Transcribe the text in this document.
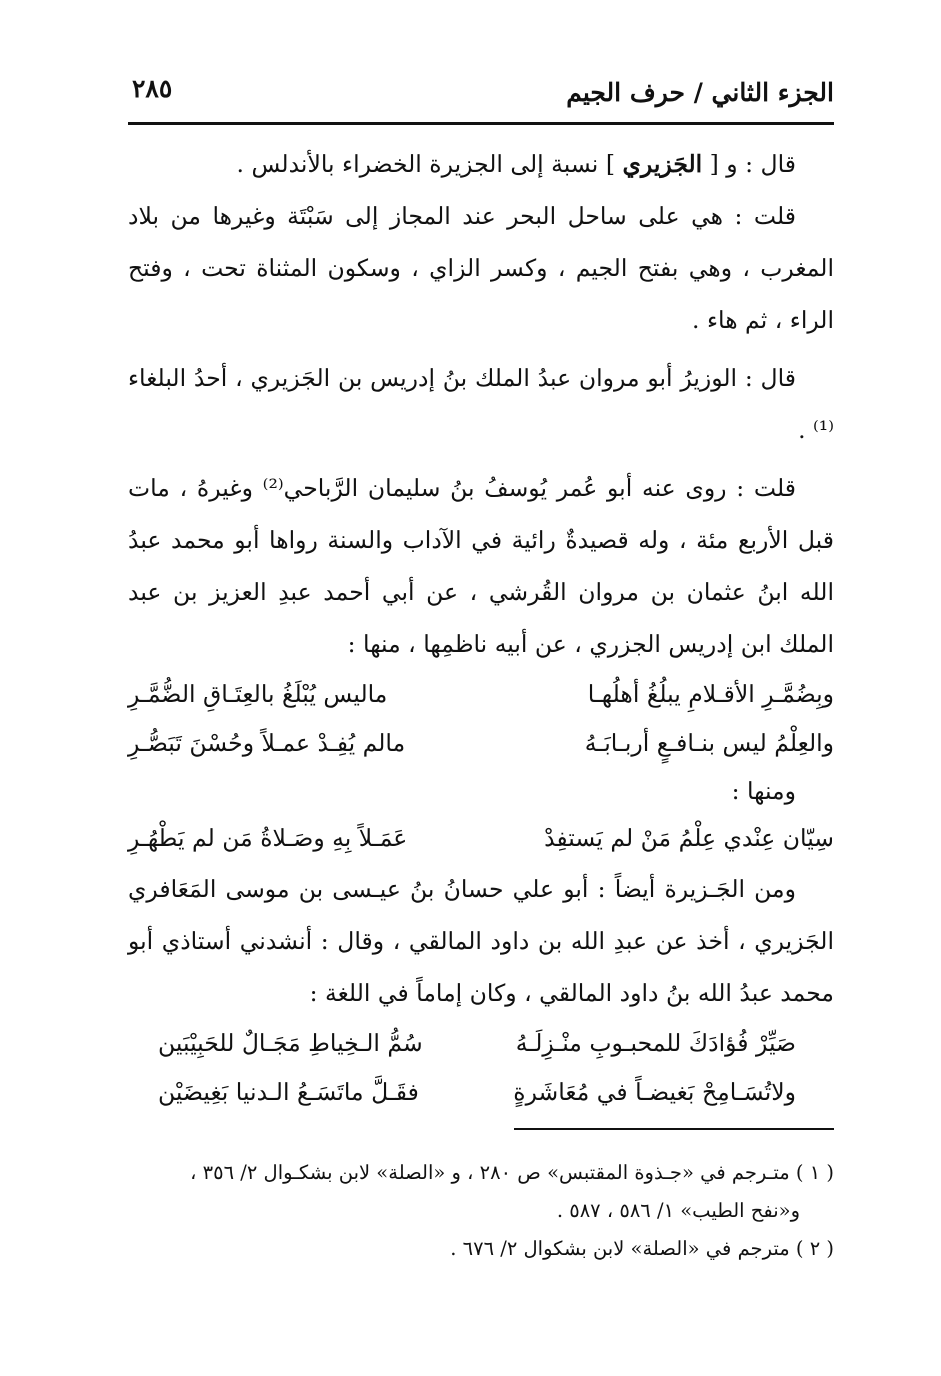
الجزء الثاني / حرف الجيم
٢٨٥

قال : و [ الجَزيري ] نسبة إلى الجزيرة الخضراء بالأندلس .

قلت : هي على ساحل البحر عند المجاز إلى سَبْتَة وغيرها من بلاد المغرب ، وهي بفتح الجيم ، وكسر الزاي ، وسكون المثناة تحت ، وفتح الراء ، ثم هاء .

قال : الوزيرُ أبو مروان عبدُ الملك بنُ إدريس بن الجَزيري ، أحدُ البلغاء ⁽¹⁾ .

قلت : روى عنه أبو عُمر يُوسفُ بنُ سليمان الرَّباحي⁽²⁾ وغيرهُ ، مات قبل الأربع مئة ، وله قصيدةٌ رائية في الآداب والسنة رواها أبو محمد عبدُ الله ابنُ عثمان بن مروان القُرشي ، عن أبي أحمد عبدِ العزيز بن عبد الملك ابن إدريس الجزري ، عن أبيه ناظمِها ، منها :

وبِضُمَّـرِ الأقـلامِ يبلُغُ أهلُهـا
ماليس يُبْلَغُ بالعِتَـاقِ الضُّمَّـرِ
والعِلْمُ ليس بنـافـعٍ أربـابَـهُ
مالم يُفِـدْ عمـلاً وحُسْنَ تَبَصُّـرِ

ومنها :

سِيّان عِنْدي عِلْمُ مَنْ لم يَستفِدْ
عَمَـلاً بِهِ وصَـلاةُ مَن لم يَطْهُـرِ

ومن الجَـزيرة أيضاً : أبو علي حسانُ بنُ عيـسى بن موسى المَعَافري الجَزيري ، أخذ عن عبدِ الله بن داود المالقي ، وقال : أنشدني أستاذي أبو محمد عبدُ الله بنُ داود المالقي ، وكان إماماً في اللغة :

صَيِّرْ فُؤادَكَ للمحبـوبِ منْـزِلَـهُ
سُمُّ الـخِياطِ مَجَـالٌ للحَبِيْبَين
ولاتُسَـامِحْ بَغيضـاً في مُعَاشَرةٍ
فقَـلَّ ماتَسَـعُ الـدنيا بَغِيضَيْن

( ١ ) متـرجم في «جـذوة المقتبس» ص ٢٨٠ ، و «الصلة» لابن بشكـوال ٢/ ٣٥٦ ،

و«نفح الطيب» ١/ ٥٨٦ ، ٥٨٧ .

( ٢ ) مترجم في «الصلة» لابن بشكوال ٢/ ٦٧٦ .
